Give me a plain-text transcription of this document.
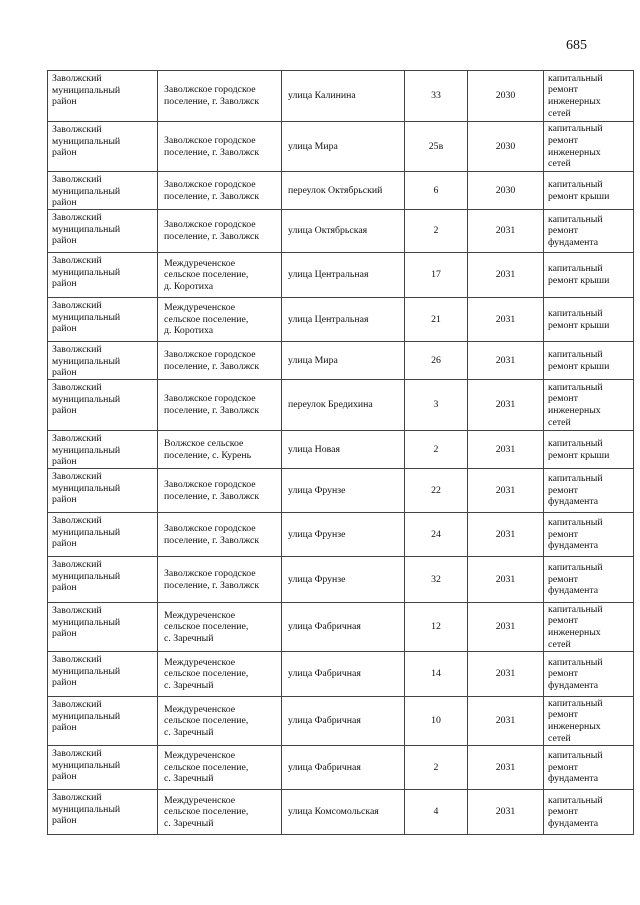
685
Заволжский
муниципальный
район	Заволжское городское
поселение, г. Заволжск	улица Калинина	33	2030	капитальный
ремонт
инженерных
сетей

Заволжский
муниципальный
район	Заволжское городское
поселение, г. Заволжск	улица Мира	25в	2030	капитальный
ремонт
инженерных
сетей

Заволжский
муниципальный
район	Заволжское городское
поселение, г. Заволжск	переулок Октябрьский	6	2030	капитальный
ремонт крыши

Заволжский
муниципальный
район	Заволжское городское
поселение, г. Заволжск	улица Октябрьская	2	2031	капитальный
ремонт
фундамента

Заволжский
муниципальный
район	Междуреченское
сельское поселение,
д. Коротиха	улица Центральная	17	2031	капитальный
ремонт крыши

Заволжский
муниципальный
район	Междуреченское
сельское поселение,
д. Коротиха	улица Центральная	21	2031	капитальный
ремонт крыши

Заволжский
муниципальный
район	Заволжское городское
поселение, г. Заволжск	улица Мира	26	2031	капитальный
ремонт крыши

Заволжский
муниципальный
район	Заволжское городское
поселение, г. Заволжск	переулок Бредихина	3	2031	капитальный
ремонт
инженерных
сетей

Заволжский
муниципальный
район	Волжское сельское
поселение, с. Курень	улица Новая	2	2031	капитальный
ремонт крыши

Заволжский
муниципальный
район	Заволжское городское
поселение, г. Заволжск	улица Фрунзе	22	2031	капитальный
ремонт
фундамента

Заволжский
муниципальный
район	Заволжское городское
поселение, г. Заволжск	улица Фрунзе	24	2031	капитальный
ремонт
фундамента

Заволжский
муниципальный
район	Заволжское городское
поселение, г. Заволжск	улица Фрунзе	32	2031	капитальный
ремонт
фундамента

Заволжский
муниципальный
район	Междуреченское
сельское поселение,
с. Заречный	улица Фабричная	12	2031	капитальный
ремонт
инженерных
сетей

Заволжский
муниципальный
район	Междуреченское
сельское поселение,
с. Заречный	улица Фабричная	14	2031	капитальный
ремонт
фундамента

Заволжский
муниципальный
район	Междуреченское
сельское поселение,
с. Заречный	улица Фабричная	10	2031	капитальный
ремонт
инженерных
сетей

Заволжский
муниципальный
район	Междуреченское
сельское поселение,
с. Заречный	улица Фабричная	2	2031	капитальный
ремонт
фундамента

Заволжский
муниципальный
район	Междуреченское
сельское поселение,
с. Заречный	улица Комсомольская	4	2031	капитальный
ремонт
фундамента
